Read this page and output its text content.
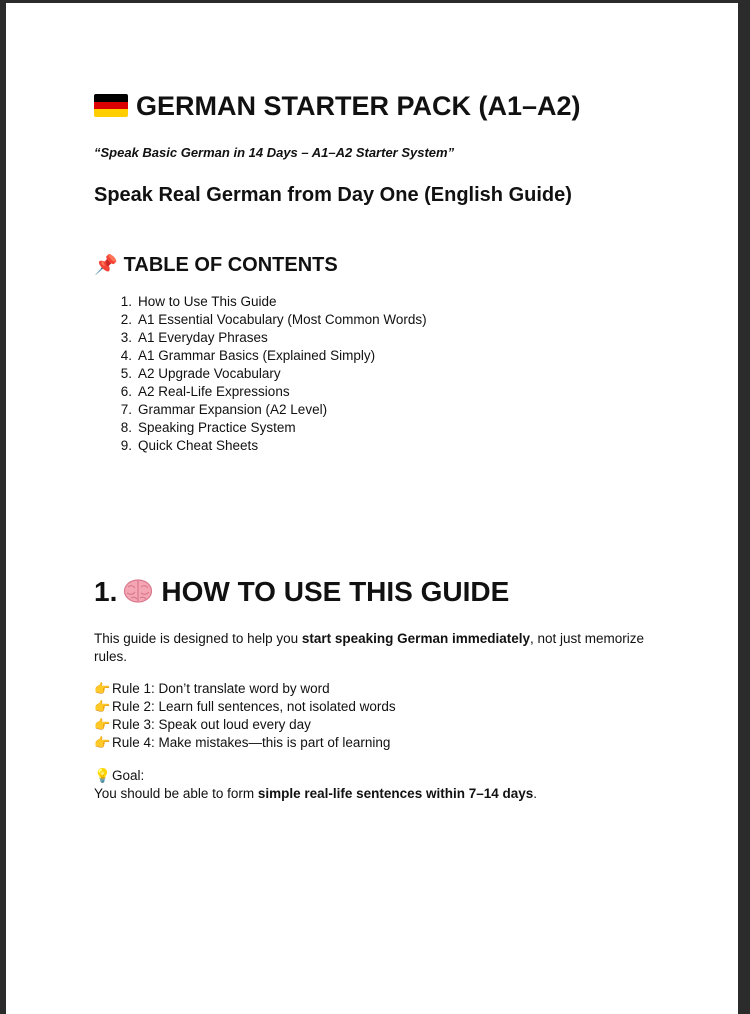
GERMAN STARTER PACK (A1–A2)

“Speak Basic German in 14 Days – A1–A2 Starter System”

Speak Real German from Day One (English Guide)
📌 TABLE OF CONTENTS
1. How to Use This Guide
2. A1 Essential Vocabulary (Most Common Words)
3. A1 Everyday Phrases
4. A1 Grammar Basics (Explained Simply)
5. A2 Upgrade Vocabulary
6. A2 Real-Life Expressions
7. Grammar Expansion (A2 Level)
8. Speaking Practice System
9. Quick Cheat Sheets
1. HOW TO USE THIS GUIDE

This guide is designed to help you start speaking German immediately, not just memorize rules.

👉 Rule 1: Don’t translate word by word
👉 Rule 2: Learn full sentences, not isolated words
👉 Rule 3: Speak out loud every day
👉 Rule 4: Make mistakes—this is part of learning

💡Goal:

You should be able to form simple real-life sentences within 7–14 days.
